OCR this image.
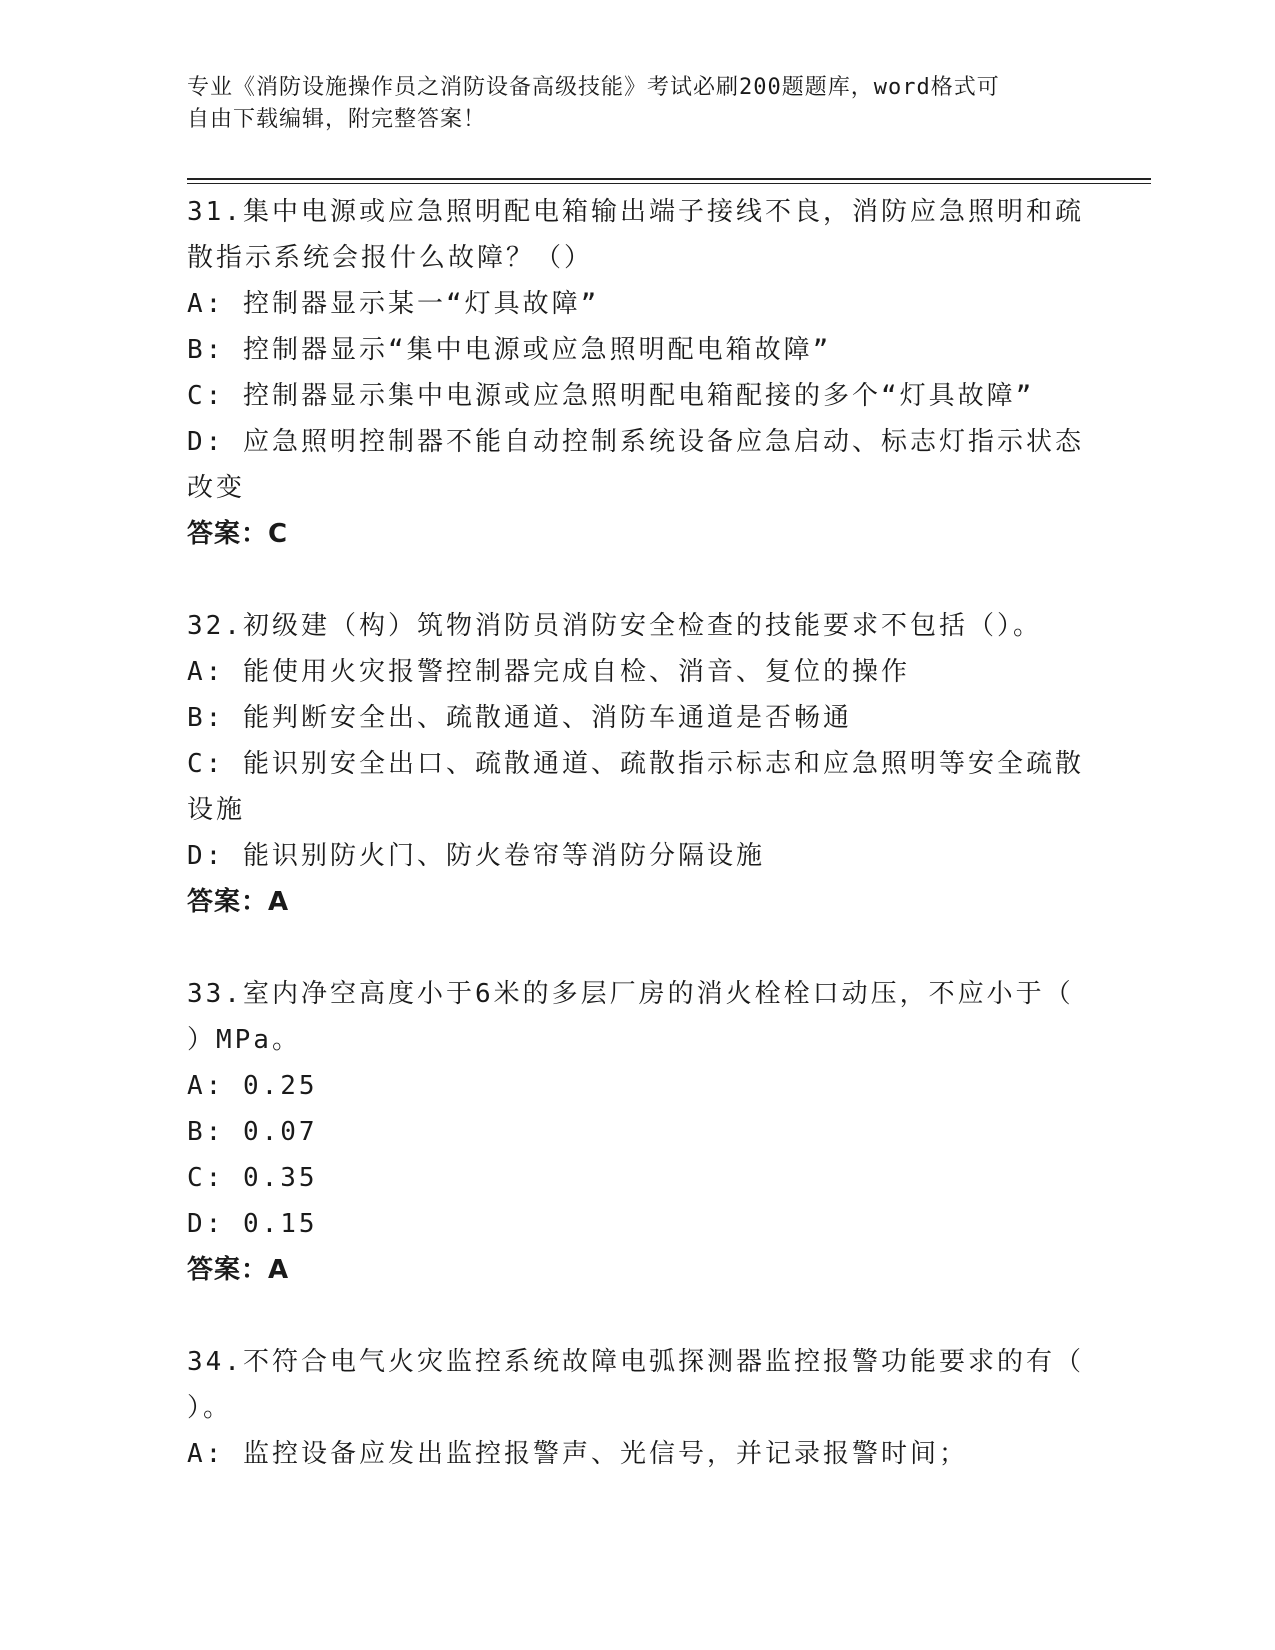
专业《消防设施操作员之消防设备高级技能》考试必刷200题题库，word格式可
自由下载编辑，附完整答案！
31.集中电源或应急照明配电箱输出端子接线不良，消防应急照明和疏
散指示系统会报什么故障？（）
A: 控制器显示某一“灯具故障”
B: 控制器显示“集中电源或应急照明配电箱故障”
C: 控制器显示集中电源或应急照明配电箱配接的多个“灯具故障”
D: 应急照明控制器不能自动控制系统设备应急启动、标志灯指示状态
改变
答案：C
32.初级建（构）筑物消防员消防安全检查的技能要求不包括（）。
A: 能使用火灾报警控制器完成自检、消音、复位的操作
B: 能判断安全出、疏散通道、消防车通道是否畅通
C: 能识别安全出口、疏散通道、疏散指示标志和应急照明等安全疏散
设施
D: 能识别防火门、防火卷帘等消防分隔设施
答案：A
33.室内净空高度小于6米的多层厂房的消火栓栓口动压，不应小于（
）MPa。
A: 0.25
B: 0.07
C: 0.35
D: 0.15
答案：A
34.不符合电气火灾监控系统故障电弧探测器监控报警功能要求的有（
）。
A: 监控设备应发出监控报警声、光信号，并记录报警时间；
